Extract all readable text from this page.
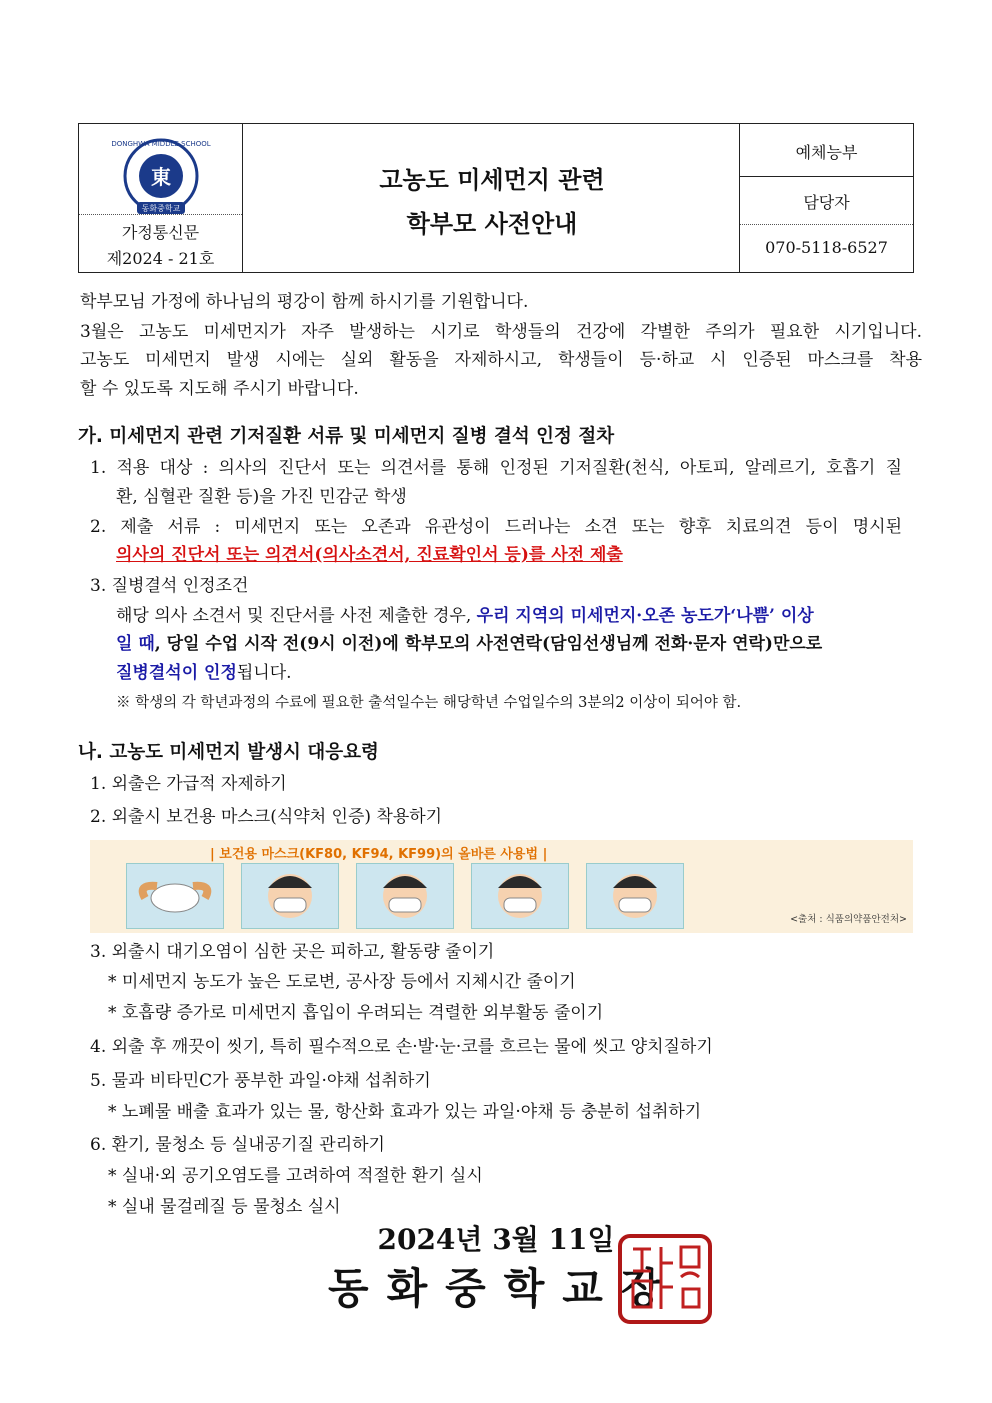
東
DONGHWA MIDDLE SCHOOL
동화중학교
가정통신문
제2024 - 21호
고농도 미세먼지 관련
학부모 사전안내
예체능부
담당자
070-5118-6527
학부모님 가정에 하나님의 평강이 함께 하시기를 기원합니다.
3월은 고농도 미세먼지가 자주 발생하는 시기로 학생들의 건강에 각별한 주의가 필요한 시기입니다.
고농도 미세먼지 발생 시에는 실외 활동을 자제하시고, 학생들이 등·하교 시 인증된 마스크를 착용
할 수 있도록 지도해 주시기 바랍니다.
가. 미세먼지 관련 기저질환 서류 및 미세먼지 질병 결석 인정 절차
1. 적용 대상 : 의사의 진단서 또는 의견서를 통해 인정된 기저질환(천식, 아토피, 알레르기, 호흡기 질
환, 심혈관 질환 등)을 가진 민감군 학생
2. 제출 서류 : 미세먼지 또는 오존과 유관성이 드러나는 소견 또는 향후 치료의견 등이 명시된
의사의 진단서 또는 의견서(의사소견서, 진료확인서 등)를 사전 제출
3. 질병결석 인정조건
해당 의사 소견서 및 진단서를 사전 제출한 경우, 우리 지역의 미세먼지·오존 농도가‘나쁨’ 이상
일 때, 당일 수업 시작 전(9시 이전)에 학부모의 사전연락(담임선생님께 전화·문자 연락)만으로
질병결석이 인정됩니다.
※ 학생의 각 학년과정의 수료에 필요한 출석일수는 해당학년 수업일수의 3분의2 이상이 되어야 함.
나. 고농도 미세먼지 발생시 대응요령
1. 외출은 가급적 자제하기
2. 외출시 보건용 마스크(식약처 인증) 착용하기
| 보건용 마스크(KF80, KF94, KF99)의 올바른 사용법 |
<출처 : 식품의약품안전처>
3. 외출시 대기오염이 심한 곳은 피하고, 활동량 줄이기
* 미세먼지 농도가 높은 도로변, 공사장 등에서 지체시간 줄이기
* 호흡량 증가로 미세먼지 흡입이 우려되는 격렬한 외부활동 줄이기
4. 외출 후 깨끗이 씻기, 특히 필수적으로 손·발·눈·코를 흐르는 물에 씻고 양치질하기
5. 물과 비타민C가 풍부한 과일·야채 섭취하기
* 노폐물 배출 효과가 있는 물, 항산화 효과가 있는 과일·야채 등 충분히 섭취하기
6. 환기, 물청소 등 실내공기질 관리하기
* 실내·외 공기오염도를 고려하여 적절한 환기 실시
* 실내 물걸레질 등 물청소 실시
2024년 3월 11일
동화중학교장
